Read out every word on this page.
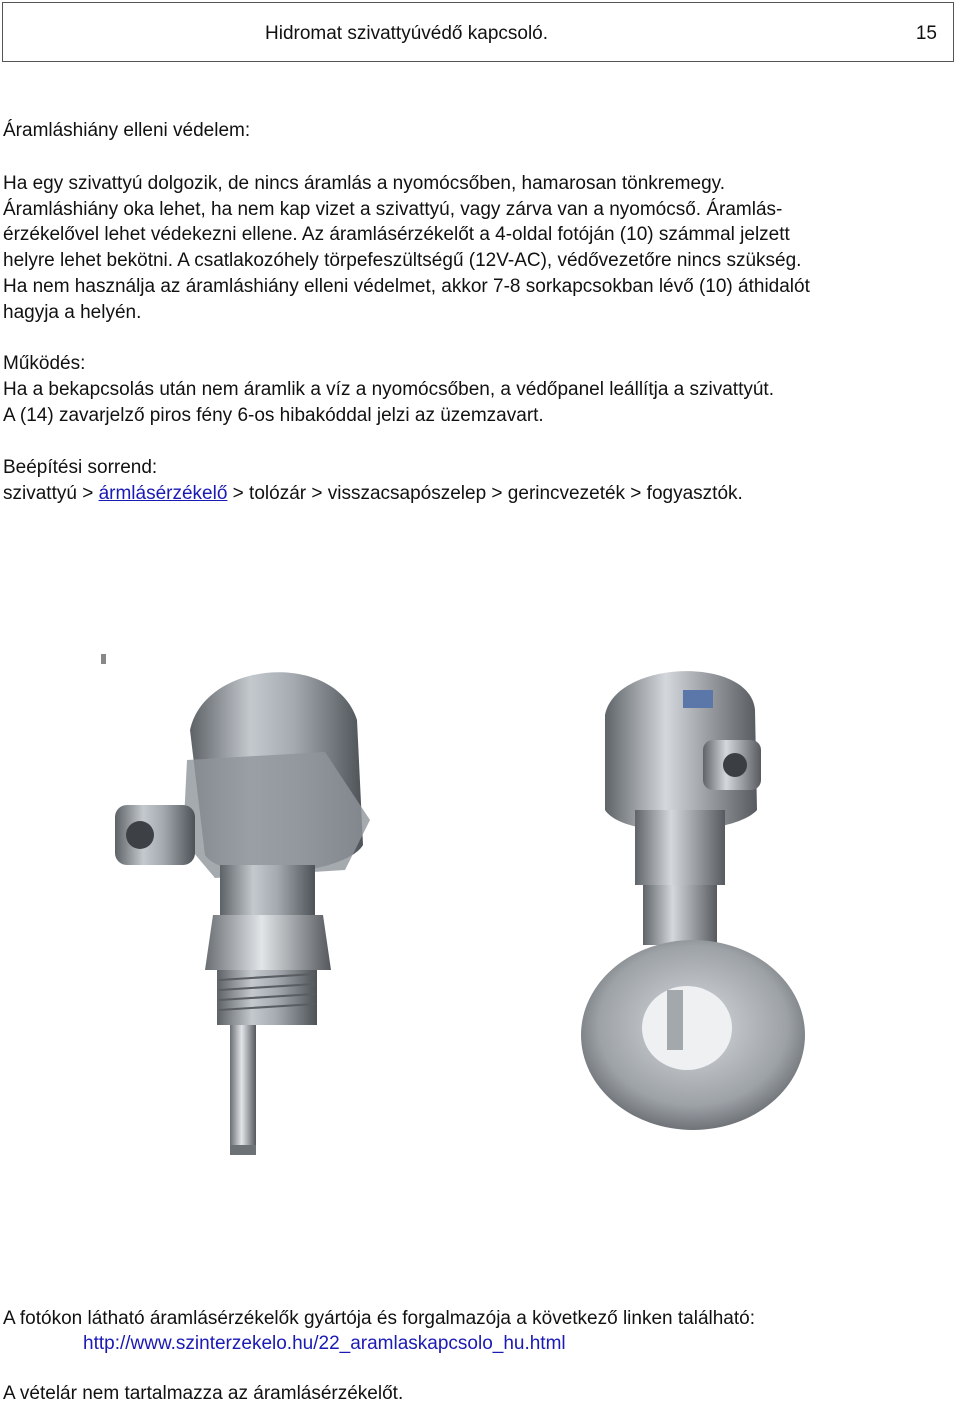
Hidromat szivattyúvédő kapcsoló.	15
Áramláshiány elleni védelem:
Ha egy szivattyú dolgozik, de nincs áramlás a nyomócsőben, hamarosan tönkremegy.
Áramláshiány oka lehet, ha nem kap vizet a szivattyú, vagy zárva van a nyomócső. Áramlás-
érzékelővel lehet védekezni ellene. Az áramlásérzékelőt a 4-oldal fotóján (10) számmal jelzett
helyre lehet bekötni. A csatlakozóhely törpefeszültségű (12V-AC), védővezetőre nincs szükség.
Ha nem használja az áramláshiány elleni védelmet, akkor 7-8 sorkapcsokban lévő (10) áthidalót
hagyja a helyén.
Működés:
Ha a bekapcsolás után nem áramlik a víz a nyomócsőben, a védőpanel leállítja a szivattyút.
A (14) zavarjelző piros fény 6-os hibakóddal jelzi az üzemzavart.
Beépítési sorrend:
szivattyú > ármlásérzékelő > tolózár > visszacsapószelep > gerincvezeték > fogyasztók.
A fotókon látható áramlásérzékelők gyártója és forgalmazója a következő linken található:
http://www.szinterzekelo.hu/22_aramlaskapcsolo_hu.html
A vételár nem tartalmazza az áramlásérzékelőt.
